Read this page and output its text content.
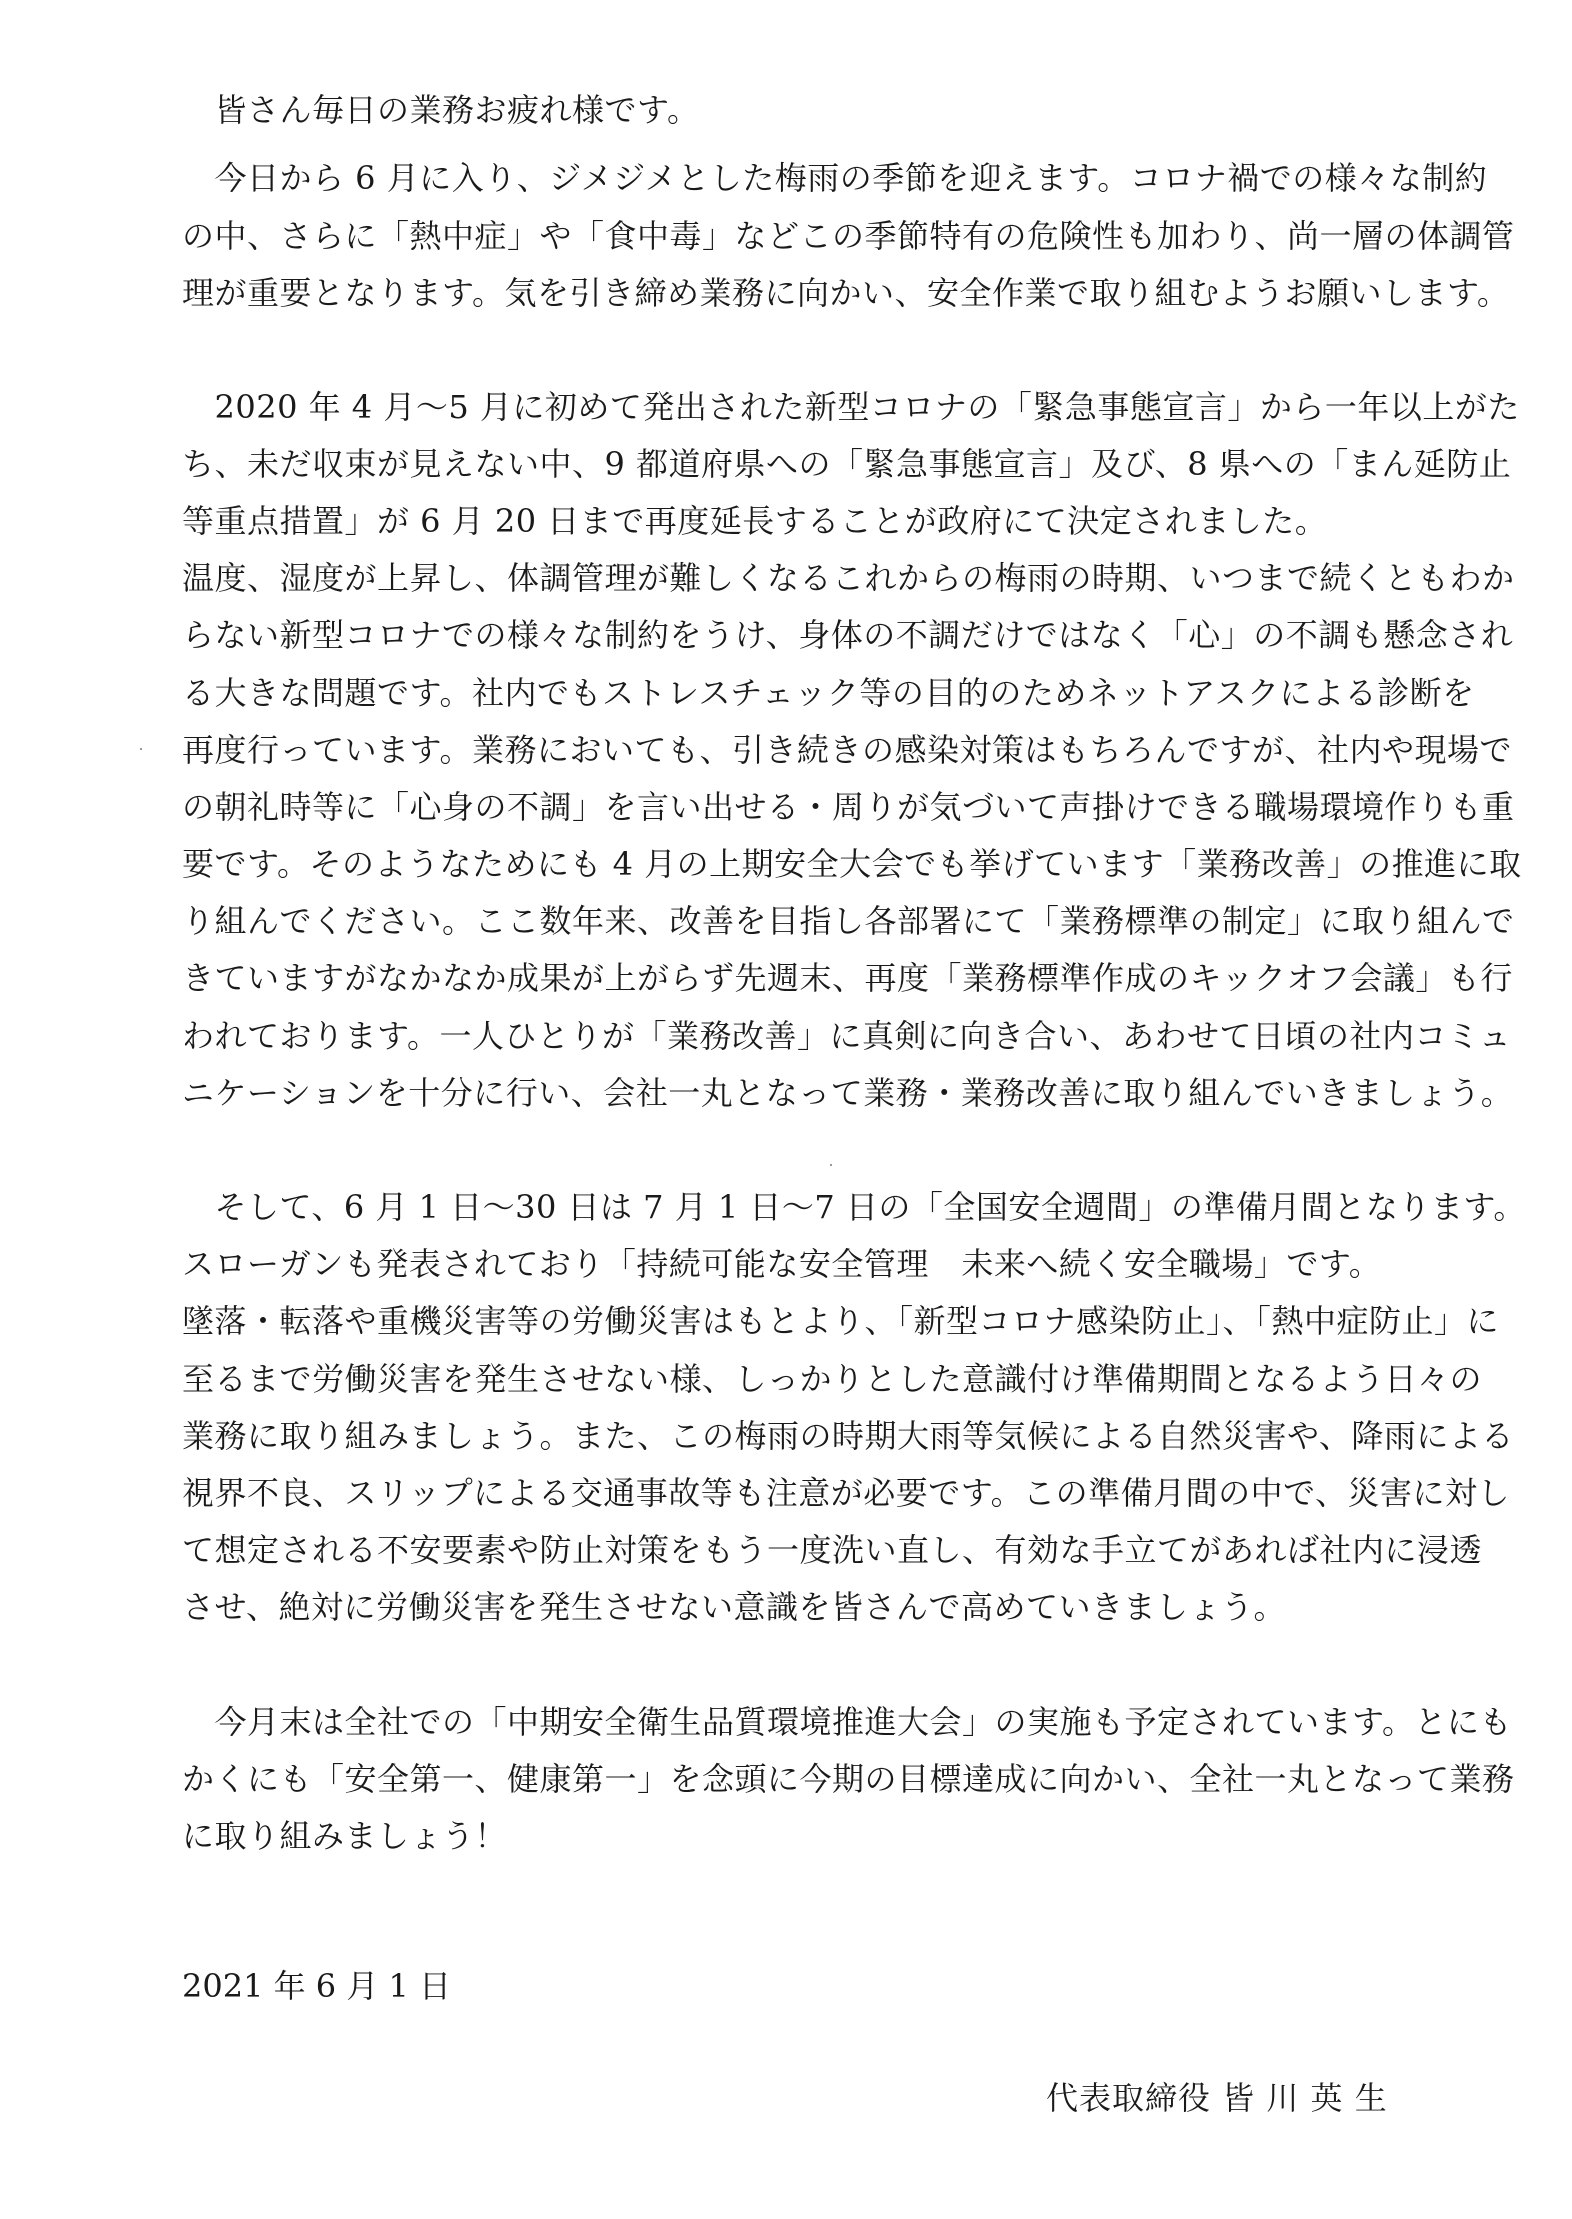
　皆さん毎日の業務お疲れ様です。
　今日から 6 月に入り、ジメジメとした梅雨の季節を迎えます。コロナ禍での様々な制約
の中、さらに「熱中症」や「食中毒」などこの季節特有の危険性も加わり、尚一層の体調管
理が重要となります。気を引き締め業務に向かい、安全作業で取り組むようお願いします。
　2020 年 4 月～5 月に初めて発出された新型コロナの「緊急事態宣言」から一年以上がた
ち、未だ収束が見えない中、9 都道府県への「緊急事態宣言」及び、8 県への「まん延防止
等重点措置」が 6 月 20 日まで再度延長することが政府にて決定されました。
温度、湿度が上昇し、体調管理が難しくなるこれからの梅雨の時期、いつまで続くともわか
らない新型コロナでの様々な制約をうけ、身体の不調だけではなく「心」の不調も懸念され
る大きな問題です。社内でもストレスチェック等の目的のためネットアスクによる診断を
再度行っています。業務においても、引き続きの感染対策はもちろんですが、社内や現場で
の朝礼時等に「心身の不調」を言い出せる・周りが気づいて声掛けできる職場環境作りも重
要です。そのようなためにも 4 月の上期安全大会でも挙げています「業務改善」の推進に取
り組んでください。ここ数年来、改善を目指し各部署にて「業務標準の制定」に取り組んで
きていますがなかなか成果が上がらず先週末、再度「業務標準作成のキックオフ会議」も行
われております。一人ひとりが「業務改善」に真剣に向き合い、あわせて日頃の社内コミュ
ニケーションを十分に行い、会社一丸となって業務・業務改善に取り組んでいきましょう。
　そして、6 月 1 日～30 日は 7 月 1 日～7 日の「全国安全週間」の準備月間となります。
スローガンも発表されており「持続可能な安全管理　未来へ続く安全職場」です。
墜落・転落や重機災害等の労働災害はもとより、「新型コロナ感染防止」、「熱中症防止」に
至るまで労働災害を発生させない様、しっかりとした意識付け準備期間となるよう日々の
業務に取り組みましょう。また、この梅雨の時期大雨等気候による自然災害や、降雨による
視界不良、スリップによる交通事故等も注意が必要です。この準備月間の中で、災害に対し
て想定される不安要素や防止対策をもう一度洗い直し、有効な手立てがあれば社内に浸透
させ、絶対に労働災害を発生させない意識を皆さんで高めていきましょう。
　今月末は全社での「中期安全衛生品質環境推進大会」の実施も予定されています。とにも
かくにも「安全第一、健康第一」を念頭に今期の目標達成に向かい、全社一丸となって業務
に取り組みましょう！
2021 年 6 月 1 日
代表取締役 皆 川 英 生
